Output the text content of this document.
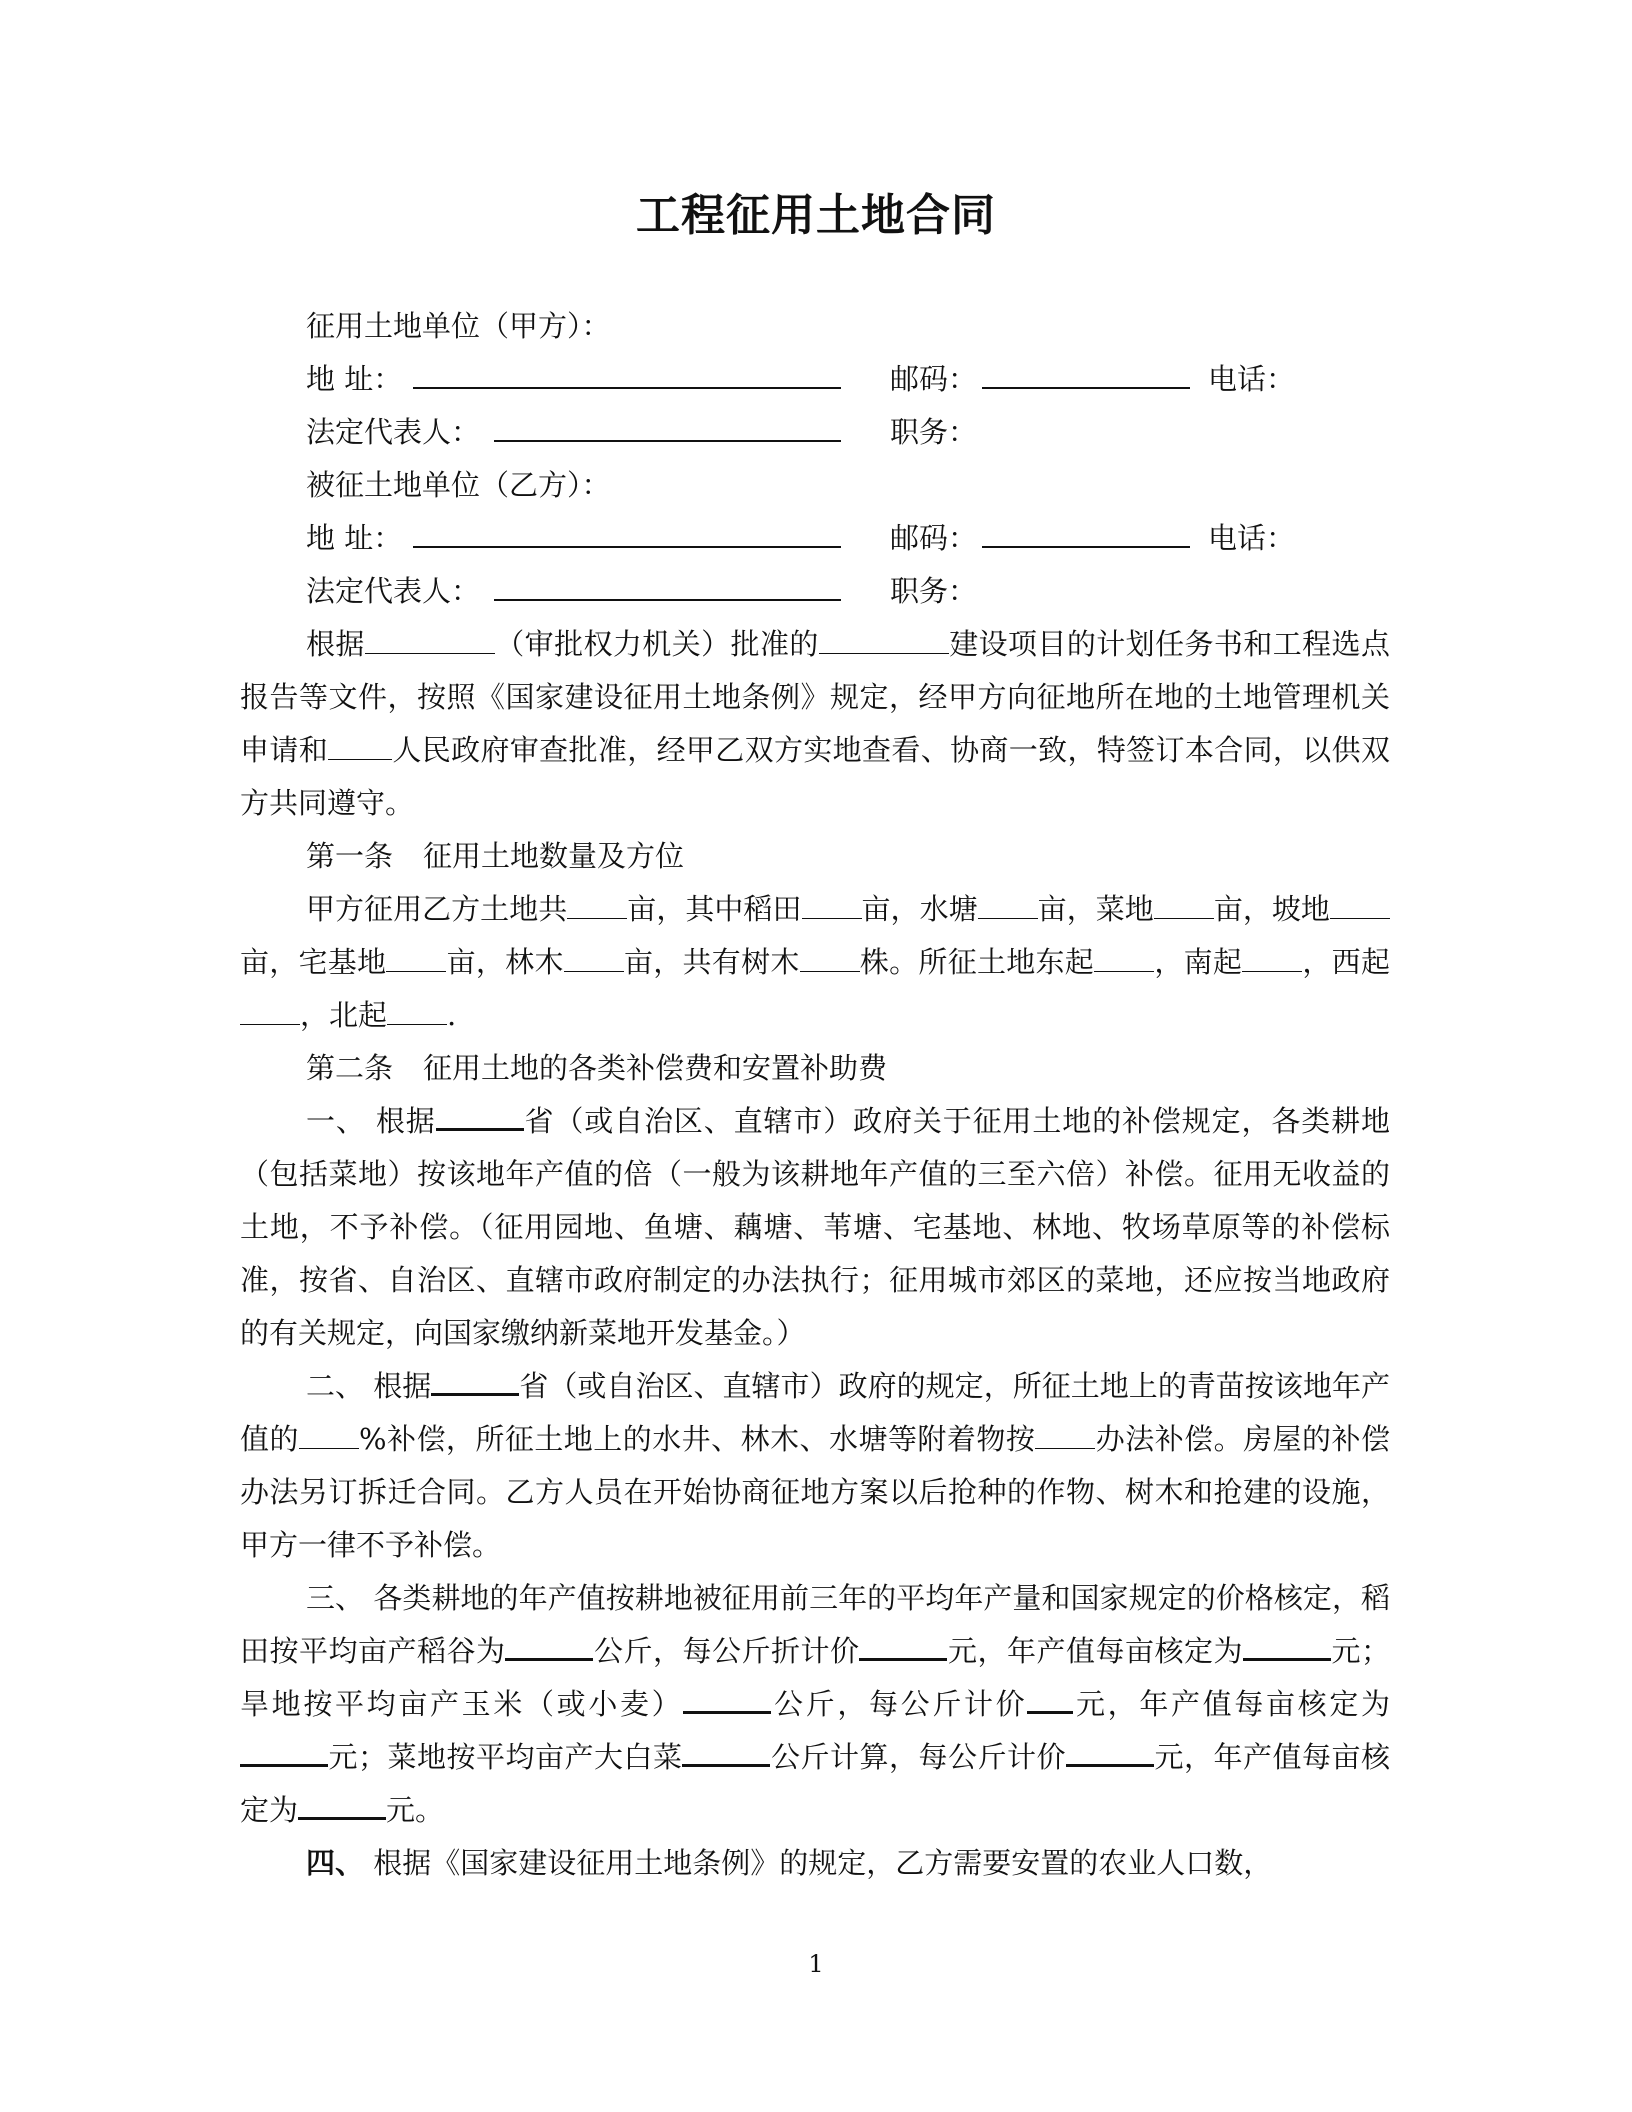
工程征用土地合同
征用土地单位（甲方）：
地 址：	邮码：	电话：
法定代表人：	职务：
被征土地单位（乙方）：
地 址：	邮码：	电话：
法定代表人：	职务：
根据	（审批权力机关）批准的	建设项目的计划任务书和工程选点报告等文件，按照《国家建设征用土地条例》规定，经甲方向征地所在地的土地管理机关申请和 人民政府审查批准，经甲乙双方实地查看、协商一致，特签订本合同，以供双方共同遵守。
第一条 征用土地数量及方位
甲方征用乙方土地共 亩，其中稻田 亩，水塘 亩，菜地 亩，坡地亩，宅基地 亩，林木 亩，共有树木 株。所征土地东起 ，南起 ，西起，北起 .
第二条 征用土地的各类补偿费和安置补助费
一、 根据	省（或自治区、直辖市）政府关于征用土地的补偿规定，各类耕地（包括菜地）按该地年产值的倍（一般为该耕地年产值的三至六倍）补偿。征用无收益的土地，不予补偿。（征用园地、鱼塘、藕塘、苇塘、宅基地、林地、牧场草原等的补偿标准，按省、自治区、直辖市政府制定的办法执行；征用城市郊区的菜地，还应按当地政府的有关规定，向国家缴纳新菜地开发基金。）
二、 根据	省（或自治区、直辖市）政府的规定，所征土地上的青苗按该地年产值的 %补偿，所征土地上的水井、林木、水塘等附着物按 办法补偿。房屋的补偿办法另订拆迁合同。乙方人员在开始协商征地方案以后抢种的作物、树木和抢建的设施，甲方一律不予补偿。
三、 各类耕地的年产值按耕地被征用前三年的平均年产量和国家规定的价格核定，稻田按平均亩产稻谷为	公斤，每公斤折计价	元，年产值每亩核定为	元；旱地按平均亩产玉米（或小麦）	公斤，每公斤计价 元，年产值每亩核定为元；菜地按平均亩产大白菜	公斤计算，每公斤计价	元，年产值每亩核定为	元。
四、 根据《国家建设征用土地条例》的规定，乙方需要安置的农业人口数，
1
